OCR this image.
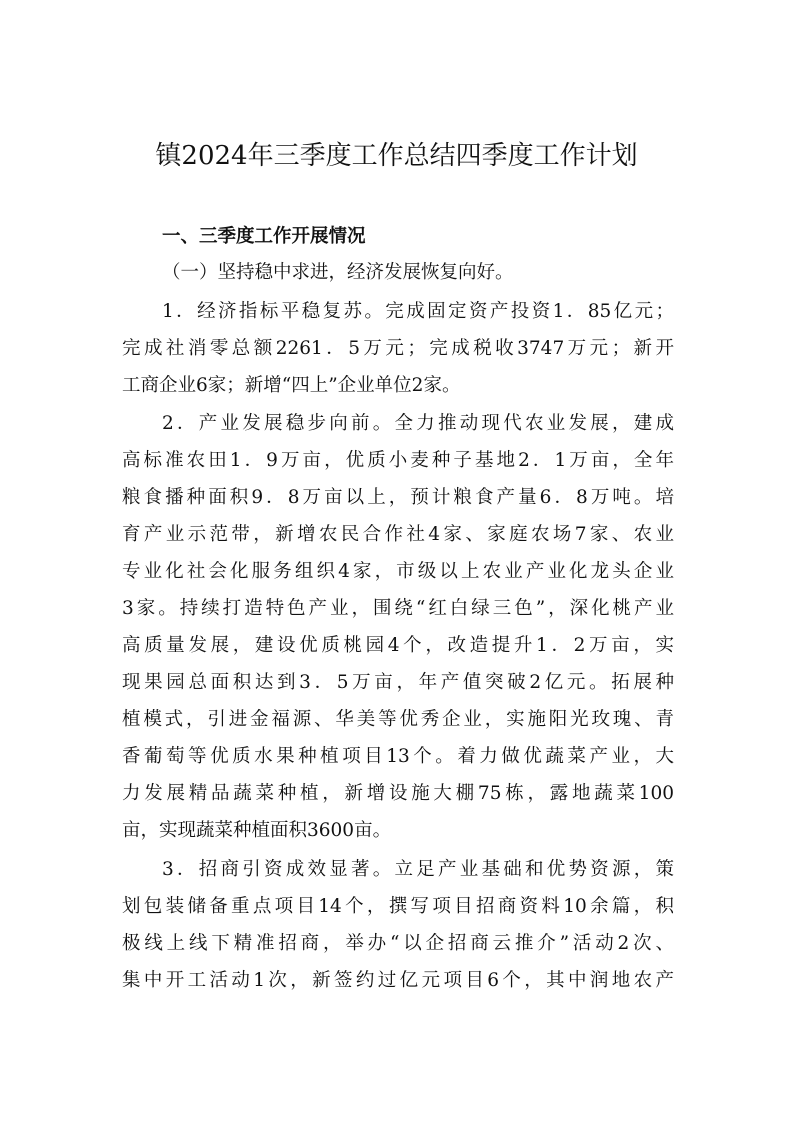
镇2024年三季度工作总结四季度工作计划
一、三季度工作开展情况
（一）坚持稳中求进，经济发展恢复向好。
1．经济指标平稳复苏。完成固定资产投资1．85亿元；
完成社消零总额2261．5万元；完成税收3747万元；新开
工商企业6家；新增“四上”企业单位2家。
2．产业发展稳步向前。全力推动现代农业发展，建成
高标准农田1．9万亩，优质小麦种子基地2．1万亩，全年
粮食播种面积9．8万亩以上，预计粮食产量6．8万吨。培
育产业示范带，新增农民合作社4家、家庭农场7家、农业
专业化社会化服务组织4家，市级以上农业产业化龙头企业
3家。持续打造特色产业，围绕“红白绿三色”，深化桃产业
高质量发展，建设优质桃园4个，改造提升1．2万亩，实
现果园总面积达到3．5万亩，年产值突破2亿元。拓展种
植模式，引进金福源、华美等优秀企业，实施阳光玫瑰、青
香葡萄等优质水果种植项目13个。着力做优蔬菜产业，大
力发展精品蔬菜种植，新增设施大棚75栋，露地蔬菜100
亩，实现蔬菜种植面积3600亩。
3．招商引资成效显著。立足产业基础和优势资源，策
划包装储备重点项目14个，撰写项目招商资料10余篇，积
极线上线下精准招商，举办“以企招商云推介”活动2次、
集中开工活动1次，新签约过亿元项目6个，其中润地农产
